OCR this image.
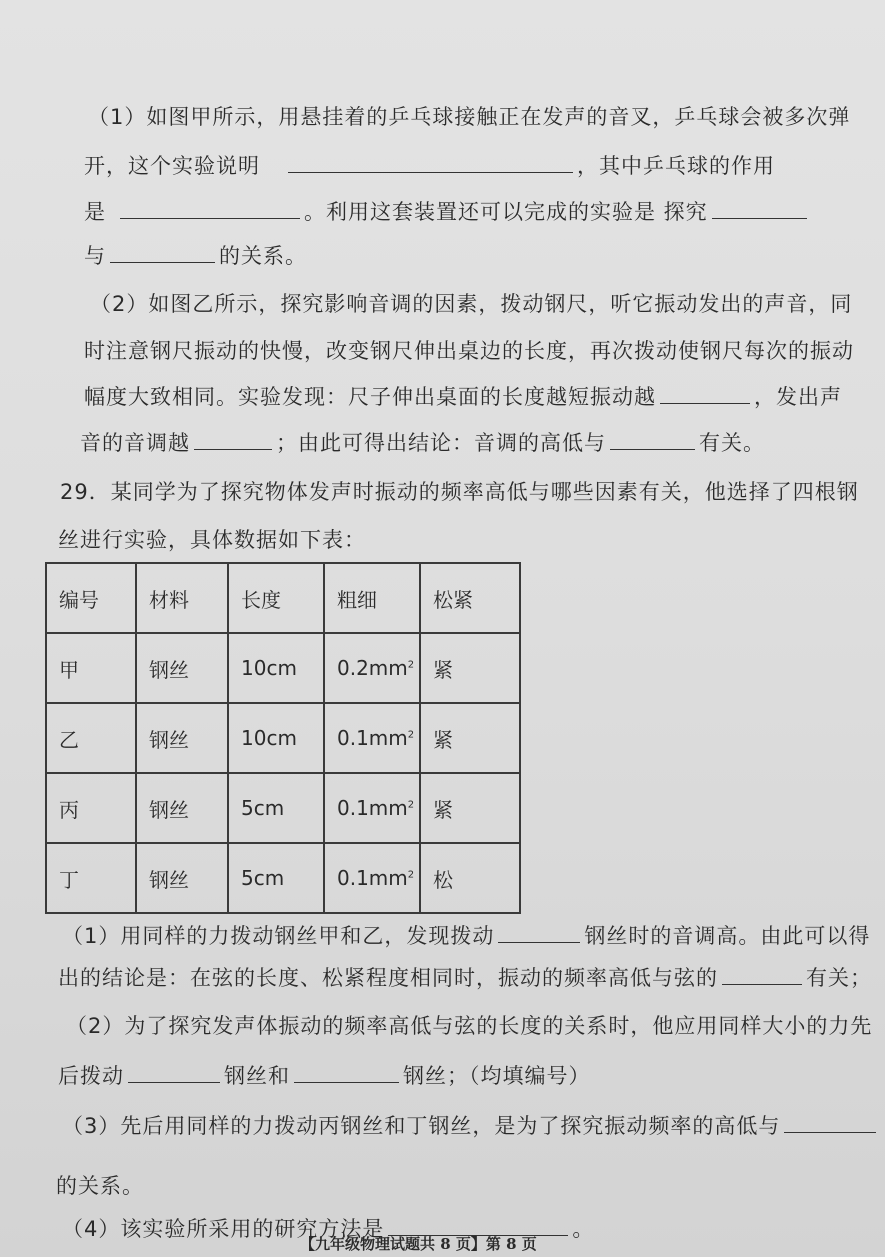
（1）如图甲所示，用悬挂着的乒乓球接触正在发声的音叉，乒乓球会被多次弹
开，这个实验说明	，其中乒乓球的作用
是	。利用这套装置还可以完成的实验是 探究
与	的关系。
（2）如图乙所示，探究影响音调的因素，拨动钢尺，听它振动发出的声音，同
时注意钢尺振动的快慢，改变钢尺伸出桌边的长度，再次拨动使钢尺每次的振动
幅度大致相同。实验发现：尺子伸出桌面的长度越短振动越	，发出声
音的音调越	；由此可得出结论：音调的高低与	有关。
29．某同学为了探究物体发声时振动的频率高低与哪些因素有关，他选择了四根钢
丝进行实验，具体数据如下表：
编号	材料	长度	粗细	松紧
甲	钢丝	10cm	$0.2mm^2$	紧
乙	钢丝	10cm	$0.1mm^2$	紧
丙	钢丝	5cm	$0.1mm^2$	紧
丁	钢丝	5cm	$0.1mm^2$	松
（1）用同样的力拨动钢丝甲和乙，发现拨动	钢丝时的音调高。由此可以得
出的结论是：在弦的长度、松紧程度相同时，振动的频率高低与弦的	有关；
（2）为了探究发声体振动的频率高低与弦的长度的关系时，他应用同样大小的力先
后拨动	钢丝和	钢丝；（均填编号）
（3）先后用同样的力拨动丙钢丝和丁钢丝，是为了探究振动频率的高低与
的关系。
（4）该实验所采用的研究方法是	。
【九年级物理试题共 8 页】第 8 页
